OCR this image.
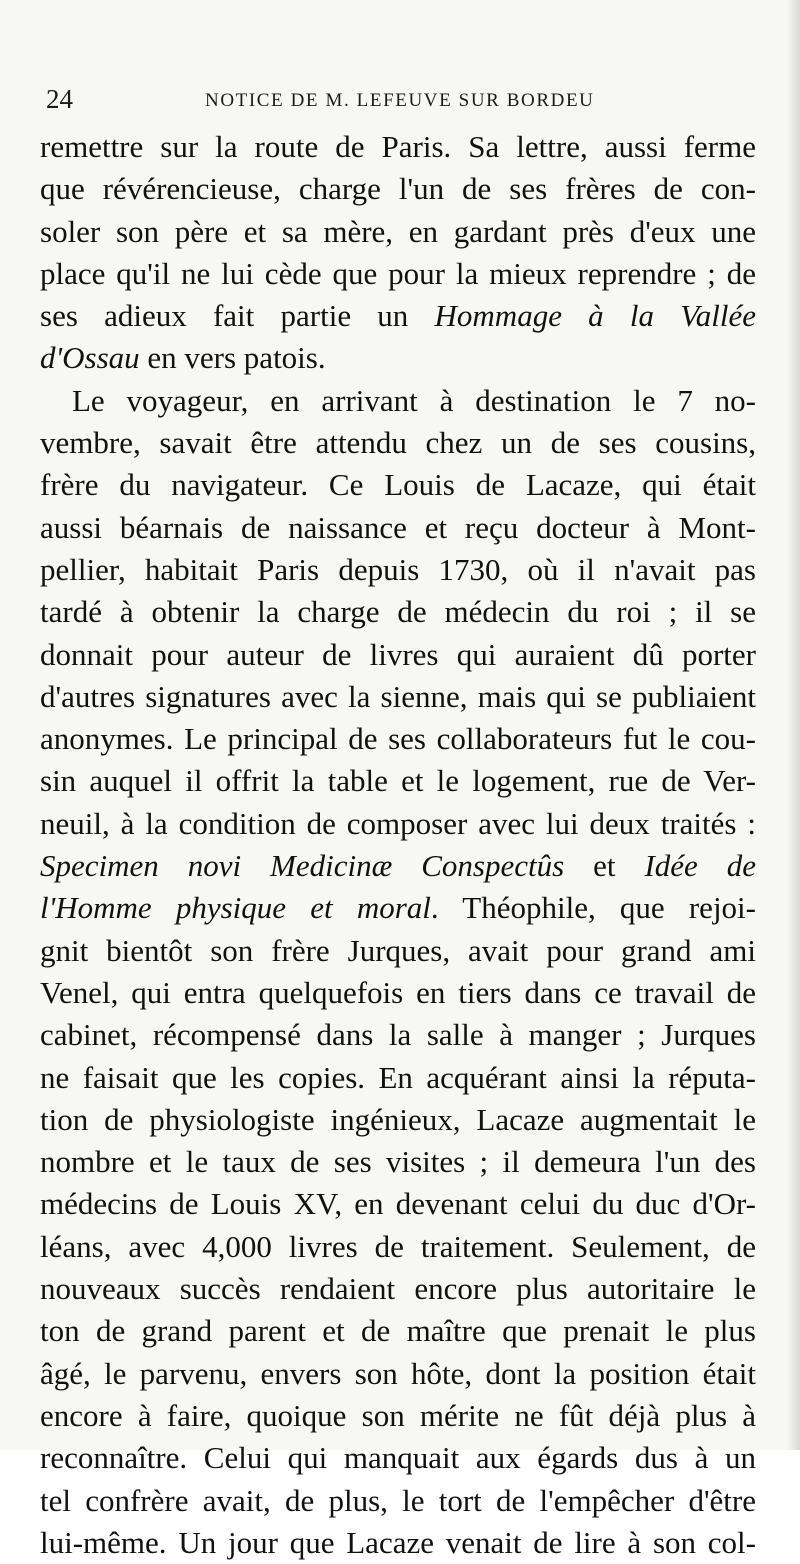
24	NOTICE DE M. LEFEUVE SUR BORDEU
remettre sur la route de Paris. Sa lettre, aussi ferme
que révérencieuse, charge l'un de ses frères de con-
soler son père et sa mère, en gardant près d'eux une
place qu'il ne lui cède que pour la mieux reprendre ; de
ses adieux fait partie un Hommage à la Vallée
d'Ossau en vers patois.
Le voyageur, en arrivant à destination le 7 no-
vembre, savait être attendu chez un de ses cousins,
frère du navigateur. Ce Louis de Lacaze, qui était
aussi béarnais de naissance et reçu docteur à Mont-
pellier, habitait Paris depuis 1730, où il n'avait pas
tardé à obtenir la charge de médecin du roi ; il se
donnait pour auteur de livres qui auraient dû porter
d'autres signatures avec la sienne, mais qui se publiaient
anonymes. Le principal de ses collaborateurs fut le cou-
sin auquel il offrit la table et le logement, rue de Ver-
neuil, à la condition de composer avec lui deux traités :
Specimen novi Medicinæ Conspectûs et Idée de
l'Homme physique et moral. Théophile, que rejoi-
gnit bientôt son frère Jurques, avait pour grand ami
Venel, qui entra quelquefois en tiers dans ce travail de
cabinet, récompensé dans la salle à manger ; Jurques
ne faisait que les copies. En acquérant ainsi la réputa-
tion de physiologiste ingénieux, Lacaze augmentait le
nombre et le taux de ses visites ; il demeura l'un des
médecins de Louis XV, en devenant celui du duc d'Or-
léans, avec 4,000 livres de traitement. Seulement, de
nouveaux succès rendaient encore plus autoritaire le
ton de grand parent et de maître que prenait le plus
âgé, le parvenu, envers son hôte, dont la position était
encore à faire, quoique son mérite ne fût déjà plus à
reconnaître. Celui qui manquait aux égards dus à un
tel confrère avait, de plus, le tort de l'empêcher d'être
lui-même. Un jour que Lacaze venait de lire à son col-
